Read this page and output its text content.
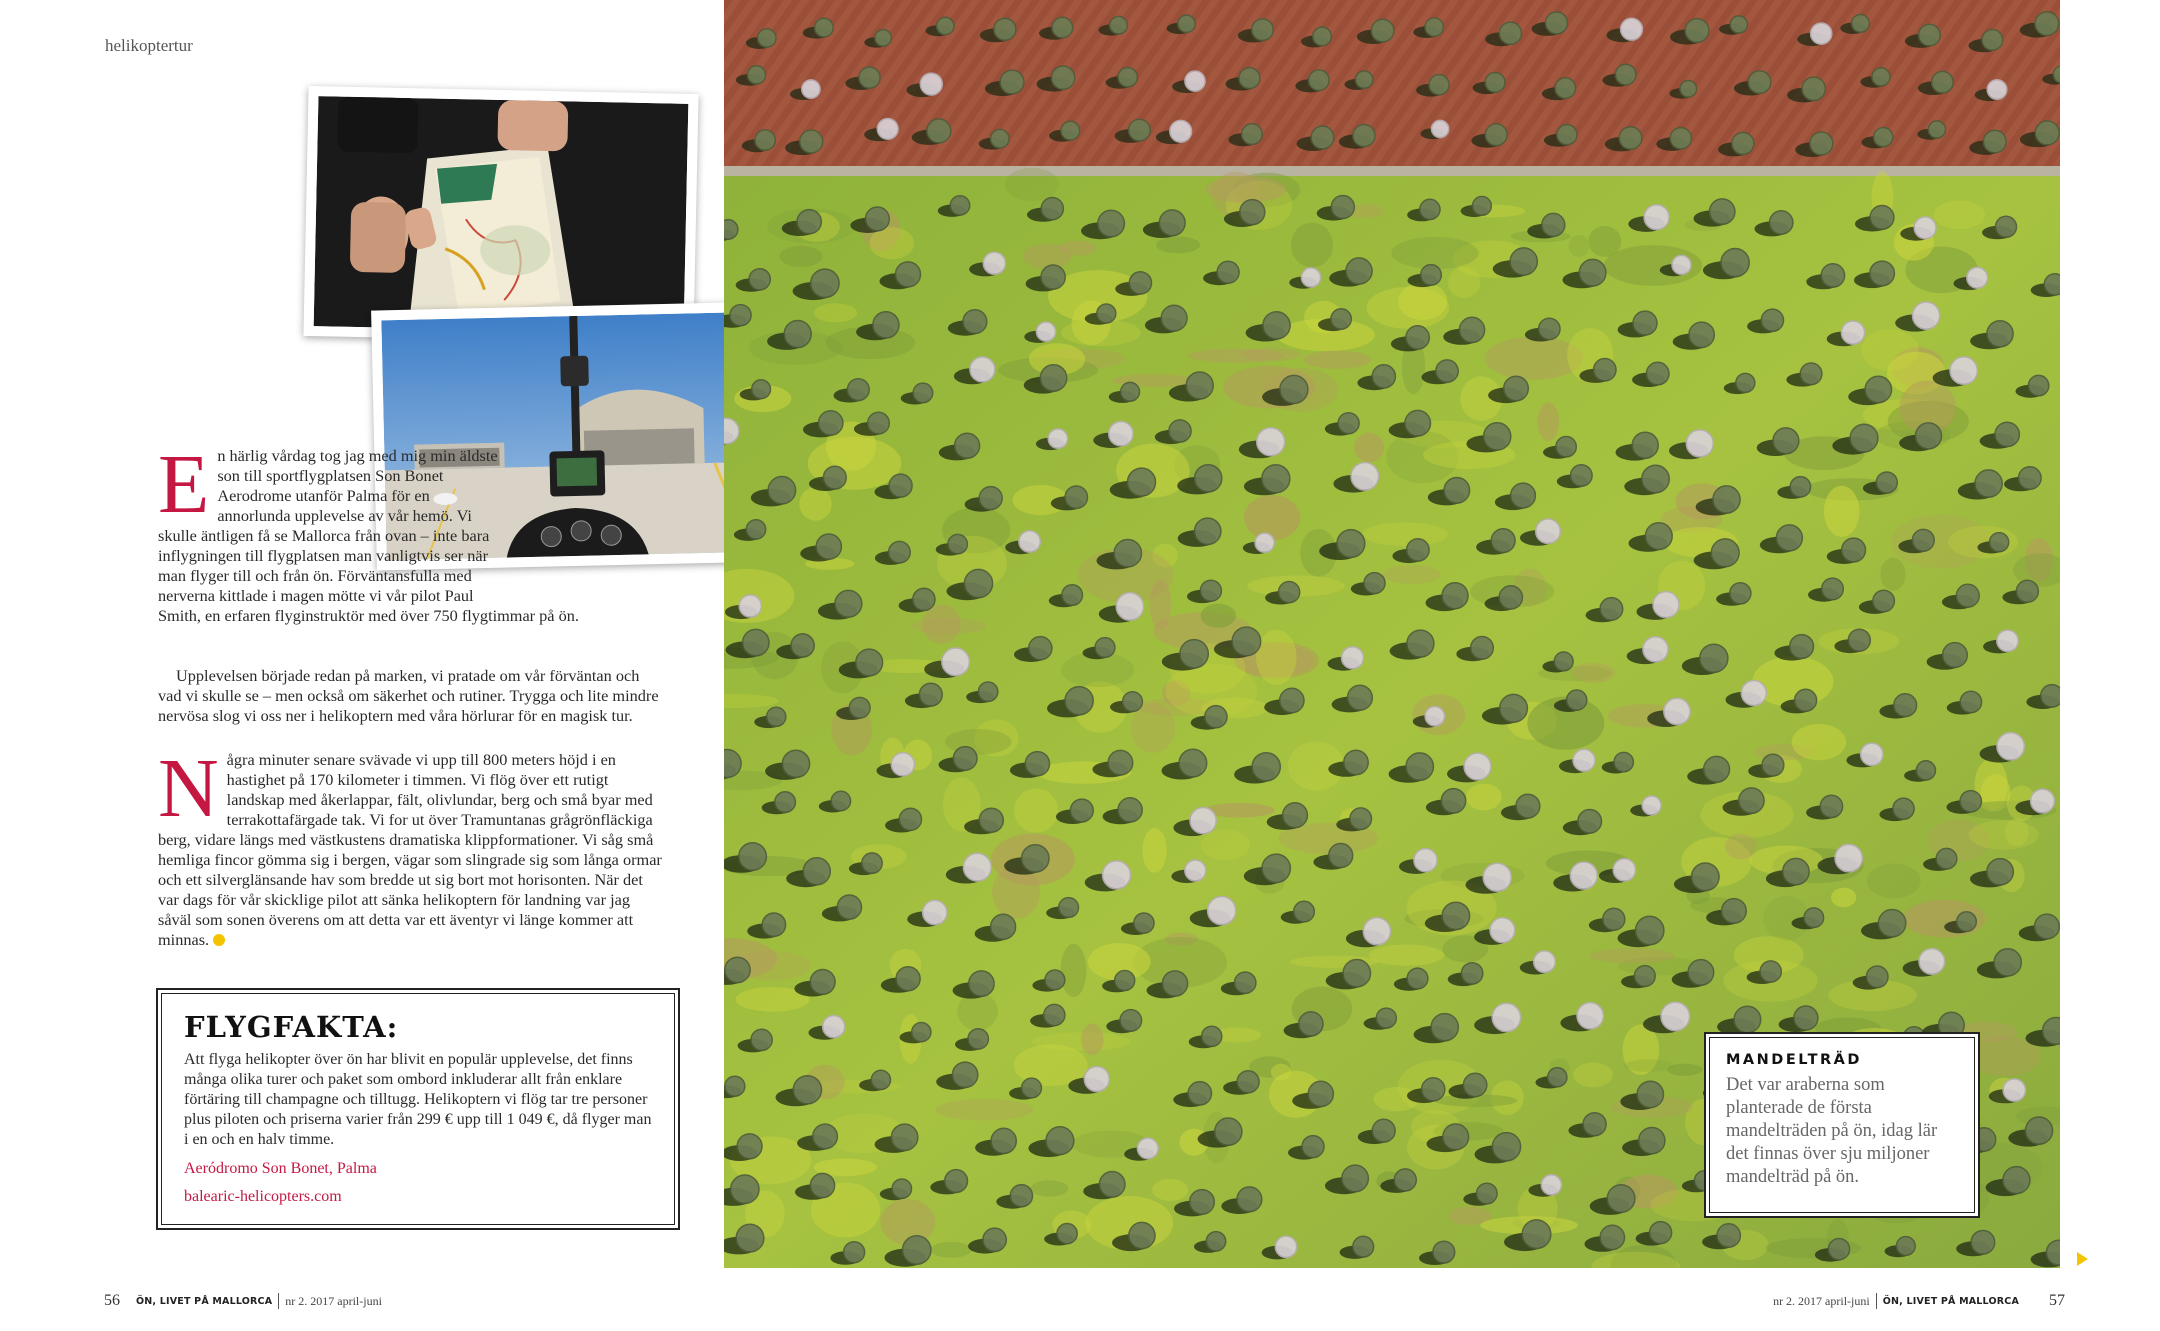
helikoptertur
En härlig vårdag tog jag med mig min äldste son till sportflygplatsen Son Bonet Aerodrome utanför Palma för en annorlunda upplevelse av vår hemö. Vi skulle äntligen få se Mallorca från ovan – inte bara inflygningen till flygplatsen man vanligtvis ser när man flyger till och från ön. Förväntansfulla med nerverna kittlade i magen mötte vi vår pilot Paul Smith, en erfaren flyginstruktör med över 750 flygtimmar på ön.
Upplevelsen började redan på marken, vi pratade om vår förväntan och vad vi skulle se – men också om säkerhet och rutiner. Trygga och lite mindre nervösa slog vi oss ner i helikoptern med våra hörlurar för en magisk tur.
Några minuter senare svävade vi upp till 800 meters höjd i en hastighet på 170 kilometer i timmen. Vi flög över ett rutigt landskap med åkerlappar, fält, olivlundar, berg och små byar med terrakottafärgade tak. Vi for ut över Tramuntanas grågrönfläckiga berg, vidare längs med västkustens dramatiska klippformationer. Vi såg små hemliga fincor gömma sig i bergen, vägar som slingrade sig som långa ormar och ett silverglänsande hav som bredde ut sig bort mot horisonten. När det var dags för vår skicklige pilot att sänka helikoptern för landning var jag såväl som sonen överens om att detta var ett äventyr vi länge kommer att minnas.
FLYGFAKTA:
Att flyga helikopter över ön har blivit en populär upplevelse, det finns många olika turer och paket som ombord inkluderar allt från enklare förtäring till champagne och tilltugg. Helikoptern vi flög tar tre personer plus piloten och priserna varier från 299 € upp till 1 049 €, då flyger man i en och en halv timme.
Aeródromo Son Bonet, Palma
balearic-helicopters.com
MANDELTRÄD
Det var araberna som planterade de första mandelträden på ön, idag lär det finnas över sju miljoner mandelträd på ön.
56 ÖN, LIVET PÅ MALLORCA nr 2. 2017 april-juni	nr 2. 2017 april-juni ÖN, LIVET PÅ MALLORCA 57
